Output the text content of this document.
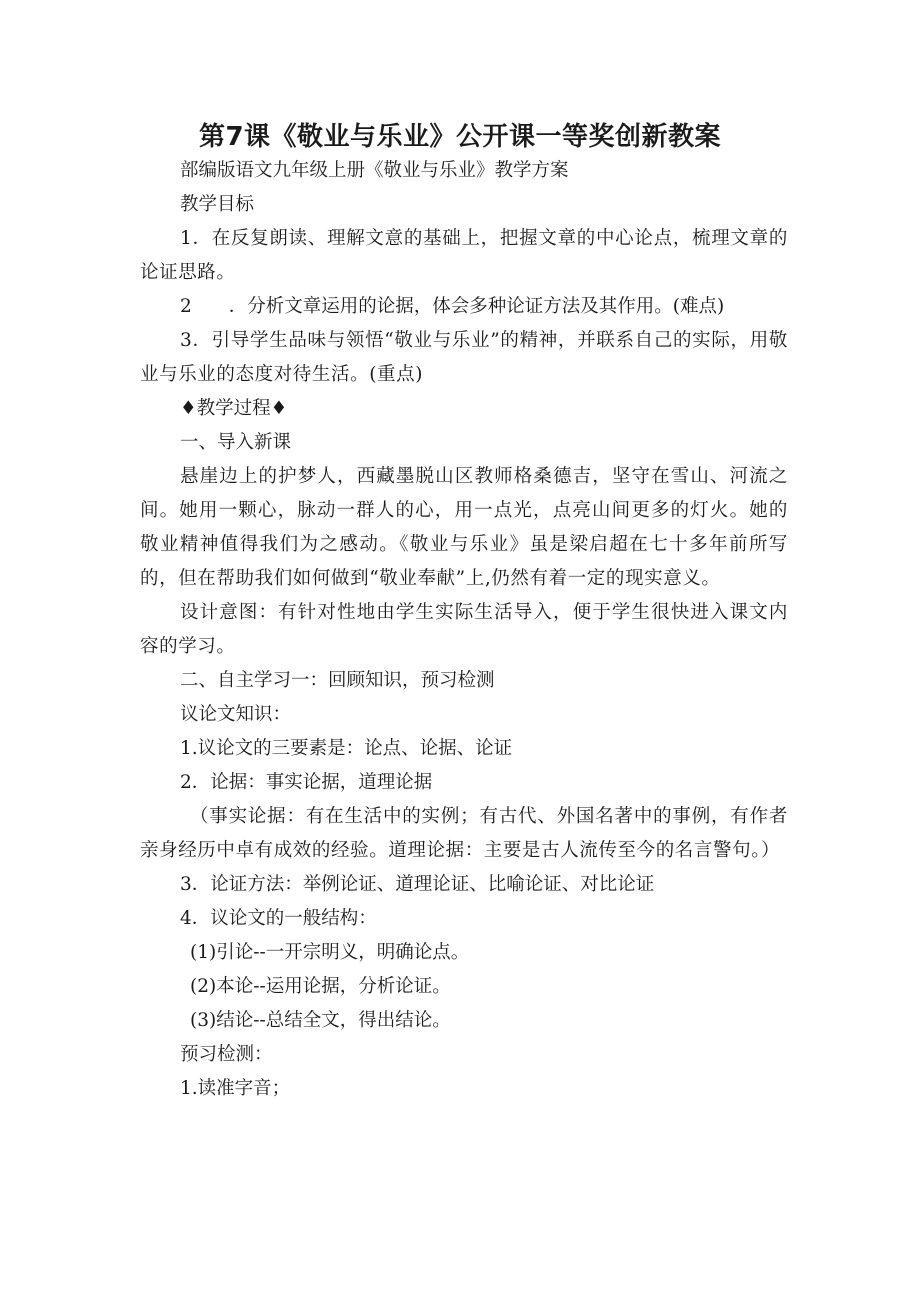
第7课《敬业与乐业》公开课一等奖创新教案

部编版语文九年级上册《敬业与乐业》教学方案

教学目标

1．在反复朗读、理解文意的基础上，把握文章的中心论点，梳理文章的论证思路。

2　　．分析文章运用的论据，体会多种论证方法及其作用。(难点)

3．引导学生品味与领悟“敬业与乐业”的精神，并联系自己的实际，用敬业与乐业的态度对待生活。(重点)

♦教学过程♦

一、导入新课

悬崖边上的护梦人，西藏墨脱山区教师格桑德吉，坚守在雪山、河流之间。她用一颗心，脉动一群人的心，用一点光，点亮山间更多的灯火。她的敬业精神值得我们为之感动。《敬业与乐业》虽是梁启超在七十多年前所写的，但在帮助我们如何做到“敬业奉献”上,仍然有着一定的现实意义。

设计意图：有针对性地由学生实际生活导入，便于学生很快进入课文内容的学习。

二、自主学习一：回顾知识，预习检测

议论文知识：

1.议论文的三要素是：论点、论据、论证

2．论据：事实论据，道理论据

（事实论据：有在生活中的实例；有古代、外国名著中的事例，有作者亲身经历中卓有成效的经验。道理论据：主要是古人流传至今的名言警句。）

3．论证方法：举例论证、道理论证、比喻论证、对比论证

4．议论文的一般结构：

(1)引论--一开宗明义，明确论点。

(2)本论--运用论据，分析论证。

(3)结论--总结全文，得出结论。

预习检测：

1.读准字音；
